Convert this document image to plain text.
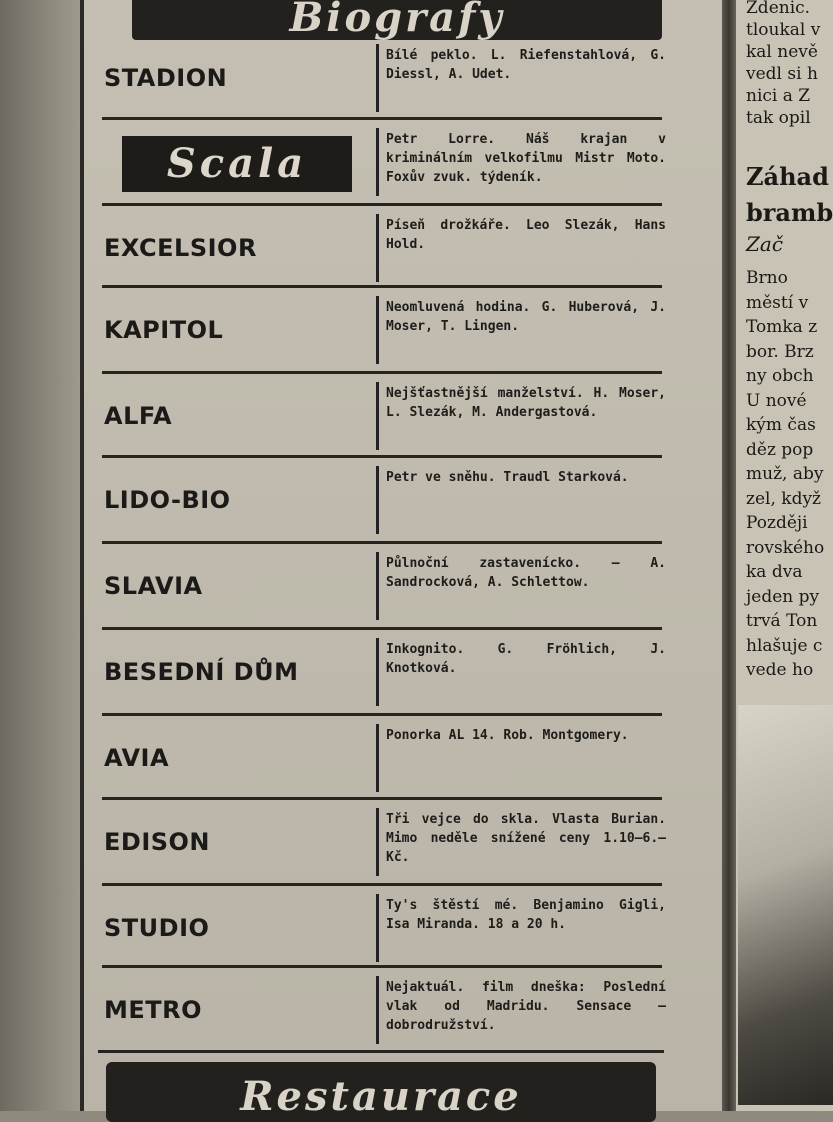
Biografy
STADION
Bílé peklo. L. Riefenstahlová, G. Diessl, A. Udet.
Scala
Petr Lorre. Náš krajan v kriminálním velkofilmu Mistr Moto. Foxův zvuk. týdeník.
EXCELSIOR
Píseň drožkáře. Leo Slezák, Hans Hold.
KAPITOL
Neomluvená hodina. G. Huberová, J. Moser, T. Lingen.
ALFA
Nejšťastnější manželství. H. Moser, L. Slezák, M. Andergastová.
LIDO-BIO
Petr ve sněhu. Traudl Starková.
SLAVIA
Půlnoční zastavenícko. – A. Sandrocková, A. Schlettow.
BESEDNÍ DŮM
Inkognito. G. Fröhlich, J. Knotková.
AVIA
Ponorka AL 14. Rob. Montgomery.
EDISON
Tři vejce do skla. Vlasta Burian. Mimo neděle snížené ceny 1.10–6.– Kč.
STUDIO
Ty's štěstí mé. Benjamino Gigli, Isa Miranda. 18 a 20 h.
METRO
Nejaktuál. film dneška: Poslední vlak od Madridu. Sensace – dobrodružství.
Restaurace
Zdenic.
tloukal v
kal nevě
vedl si h
nici a Z
tak opil
Záhad
bramb
Zač
Brno
městí v
Tomka z
bor. Brz
ny obch
U nové
kým čas
děz pop
muž, aby
zel, když
Později
rovského
ka dva
jeden py
trvá Ton
hlašuje c
vede ho
